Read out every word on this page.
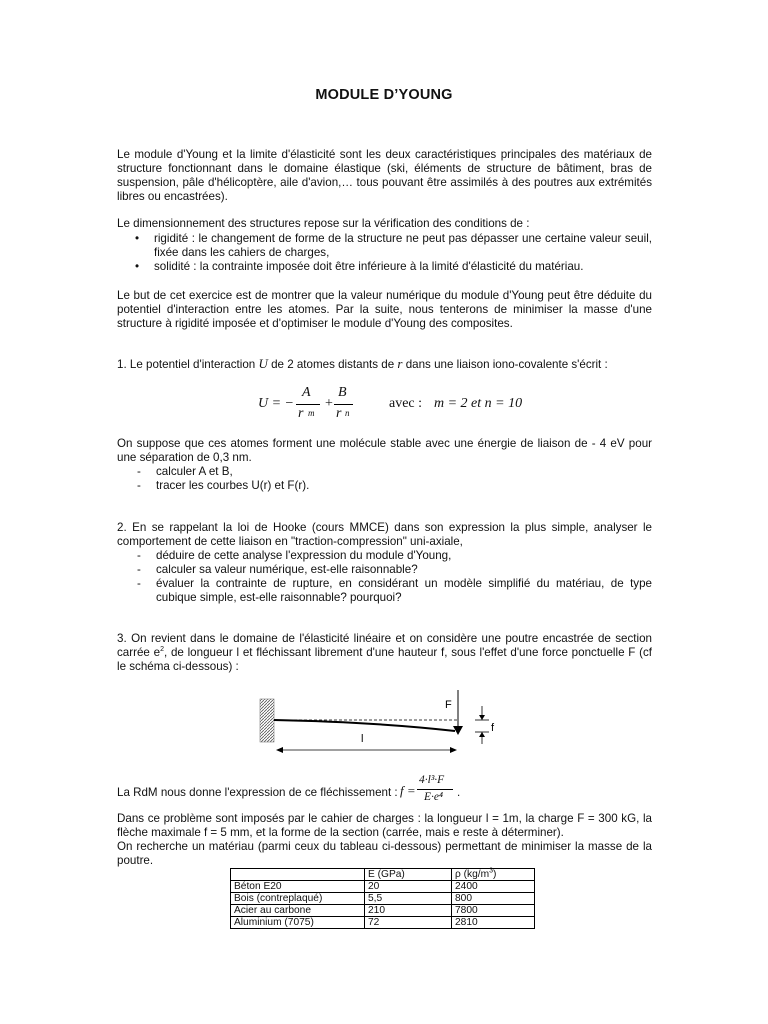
MODULE D’YOUNG

Le module d'Young et la limite d'élasticité sont les deux caractéristiques principales des matériaux de structure fonctionnant dans le domaine élastique (ski, éléments de structure de bâtiment, bras de suspension, pâle d'hélicoptère, aile d'avion,… tous pouvant être assimilés à des poutres aux extrémités libres ou encastrées).

Le dimensionnement des structures repose sur la vérification des conditions de :

• rigidité : le changement de forme de la structure ne peut pas dépasser une certaine valeur seuil, fixée dans les cahiers de charges,
• solidité : la contrainte imposée doit être inférieure à la limité d'élasticité du matériau.

Le but de cet exercice est de montrer que la valeur numérique du module d'Young peut être déduite du potentiel d'interaction entre les atomes. Par la suite, nous tenterons de minimiser la masse d'une structure à rigidité imposée et d'optimiser le module d'Young des composites.

1. Le potentiel d'interaction U de 2 atomes distants de r dans une liaison iono-covalente s'écrit :

U = −
A
r m
+
B
r n
avec : m = 2 et n = 10

On suppose que ces atomes forment une molécule stable avec une énergie de liaison de - 4 eV pour une séparation de 0,3 nm.

- calculer A et B,
- tracer les courbes U(r) et F(r).

2. En se rappelant la loi de Hooke (cours MMCE) dans son expression la plus simple, analyser le comportement de cette liaison en "traction-compression" uni-axiale,

- déduire de cette analyse l'expression du module d'Young,
- calculer sa valeur numérique, est-elle raisonnable?
- évaluer la contrainte de rupture, en considérant un modèle simplifié du matériau, de type cubique simple, est-elle raisonnable? pourquoi?

3. On revient dans le domaine de l'élasticité linéaire et on considère une poutre encastrée de section carrée $e^2$, de longueur l et fléchissant librement d'une hauteur f, sous l'effet d'une force ponctuelle F (cf le schéma ci-dessous) :

F
f
l
La RdM nous donne l'expression de ce fléchissement : f =
4·l³·F
E·e⁴ .

Dans ce problème sont imposés par le cahier de charges : la longueur l = 1m, la charge F = 300 kG, la flèche maximale f = 5 mm, et la forme de la section (carrée, mais e reste à déterminer).

On recherche un matériau (parmi ceux du tableau ci-dessous) permettant de minimiser la masse de la poutre.

	E (GPa)	ρ $(kg/m^3)$
Béton E20	20	2400
Bois (contreplaqué)	5,5	800
Acier au carbone	210	7800
Aluminium (7075)	72	2810
